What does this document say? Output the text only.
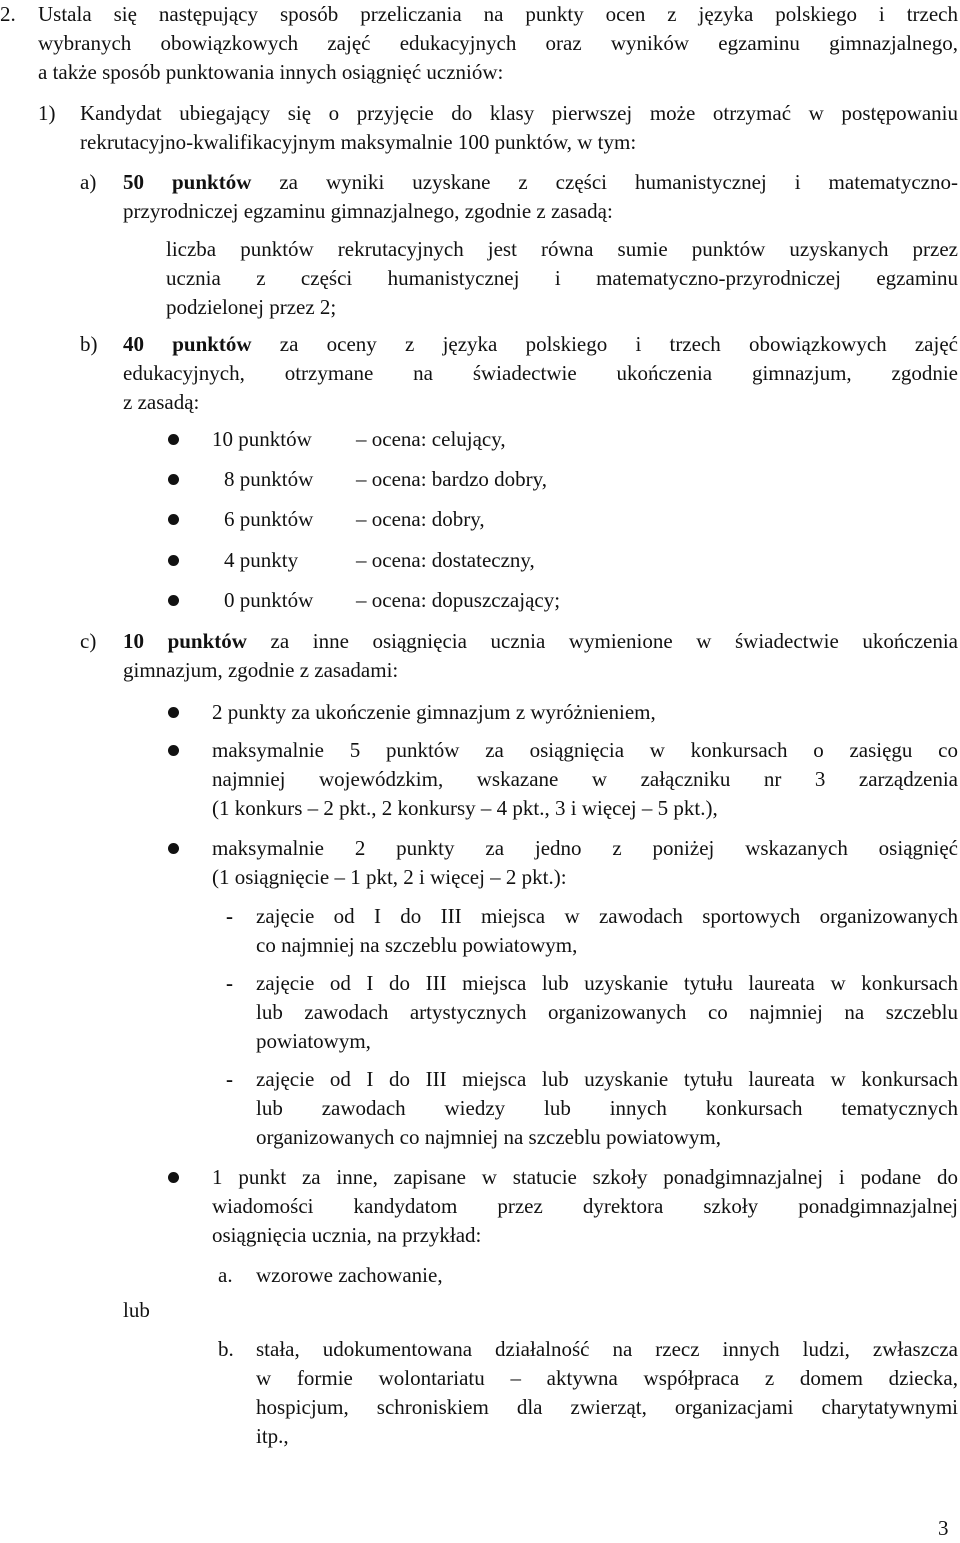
2. Ustala się następujący sposób przeliczania na punkty ocen z języka polskiego i trzech
wybranych obowiązkowych zajęć edukacyjnych oraz wyników egzaminu gimnazjalnego,
a także sposób punktowania innych osiągnięć uczniów:
1) Kandydat ubiegający się o przyjęcie do klasy pierwszej może otrzymać w postępowaniu
rekrutacyjno-kwalifikacyjnym maksymalnie 100 punktów, w tym:
a) 50 punktów za wyniki uzyskane z części humanistycznej i matematyczno-
przyrodniczej egzaminu gimnazjalnego, zgodnie z zasadą:
liczba punktów rekrutacyjnych jest równa sumie punktów uzyskanych przez
ucznia z części humanistycznej i matematyczno-przyrodniczej egzaminu
podzielonej przez 2;
b) 40 punktów za oceny z języka polskiego i trzech obowiązkowych zajęć
edukacyjnych, otrzymane na świadectwie ukończenia gimnazjum, zgodnie
z zasadą:
10 punktów – ocena: celujący,
8 punktów – ocena: bardzo dobry,
6 punktów – ocena: dobry,
4 punkty	– ocena: dostateczny,
0 punktów – ocena: dopuszczający;
c) 10 punktów za inne osiągnięcia ucznia wymienione w świadectwie ukończenia
gimnazjum, zgodnie z zasadami:
2 punkty za ukończenie gimnazjum z wyróżnieniem,
maksymalnie 5 punktów za osiągnięcia w konkursach o zasięgu co
najmniej wojewódzkim, wskazane w załączniku nr 3 zarządzenia
(1 konkurs – 2 pkt., 2 konkursy – 4 pkt., 3 i więcej – 5 pkt.),
maksymalnie 2 punkty za jedno z poniżej wskazanych osiągnięć
(1 osiągnięcie – 1 pkt, 2 i więcej – 2 pkt.):
- zajęcie od I do III miejsca w zawodach sportowych organizowanych
co najmniej na szczeblu powiatowym,
- zajęcie od I do III miejsca lub uzyskanie tytułu laureata w konkursach
lub zawodach artystycznych organizowanych co najmniej na szczeblu
powiatowym,
- zajęcie od I do III miejsca lub uzyskanie tytułu laureata w konkursach
lub zawodach wiedzy lub innych konkursach tematycznych
organizowanych co najmniej na szczeblu powiatowym,
1 punkt za inne, zapisane w statucie szkoły ponadgimnazjalnej i podane do
wiadomości kandydatom przez dyrektora szkoły ponadgimnazjalnej
osiągnięcia ucznia, na przykład:
a. wzorowe zachowanie,
lub
b. stała, udokumentowana działalność na rzecz innych ludzi, zwłaszcza
w formie wolontariatu – aktywna współpraca z domem dziecka,
hospicjum, schroniskiem dla zwierząt, organizacjami charytatywnymi
itp.,
3
